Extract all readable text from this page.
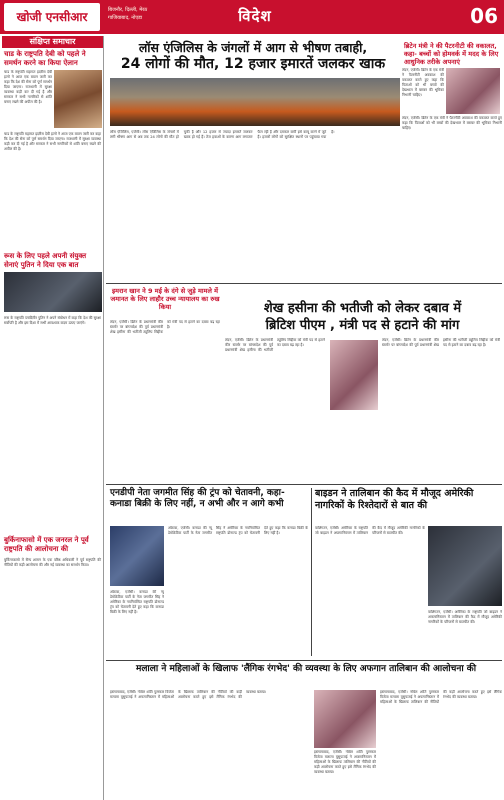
खोजी एनसीआर	बिजनौर, दिल्ली, मेरठ
गाजियाबाद, नोएडा	विदेश	06
संक्षिप्त समाचार
चाड के राष्ट्रपति देबी को पहले ने समर्थन करने का किया ऐलान
चाड के राष्ट्रपति महामत इदरीस देबी इत्नो ने आज एक बयान जारी कर कहा कि देश की सेना को पूर्ण समर्थन दिया जाएगा। राजधानी में सुरक्षा व्यवस्था कड़ी कर दी गई है और सरकार ने सभी नागरिकों से शांति बनाए रखने की अपील की है।
चाड के राष्ट्रपति महामत इदरीस देबी इत्नो ने आज एक बयान जारी कर कहा कि देश की सेना को पूर्ण समर्थन दिया जाएगा। राजधानी में सुरक्षा व्यवस्था कड़ी कर दी गई है और सरकार ने सभी नागरिकों से शांति बनाए रखने की अपील की है।
रूस के लिए पहले अपनी संयुक्त सेनाएं पुतिन ने दिया एक बात
रूस के राष्ट्रपति व्लादिमीर पुतिन ने अपने संबोधन में कहा कि देश की सुरक्षा सर्वोपरि है और इस दिशा में सभी आवश्यक कदम उठाए जाएंगे।
बुर्किनाफासो में एक जनरल ने पूर्व राष्ट्रपति की आलोचना की
बुर्किनाफासो में सैन्य शासन के एक वरिष्ठ अधिकारी ने पूर्व राष्ट्रपति की नीतियों की कड़ी आलोचना की और नई व्यवस्था का समर्थन किया।
लॉस एंजिलिस के जंगलों में आग से भीषण तबाही,
24 लोगों की मौत, 12 हजार इमारतें जलकर खाक
लॉस एंजिलिस, एजेंसी। लॉस एंजिलिस के जंगलों में लगी भीषण आग से अब तक 24 लोगों की मौत हो चुकी है और 12 हजार से ज्यादा इमारतें जलकर खाक हो गई हैं। तेज हवाओं के कारण आग लगातार फैल रही है और दमकल कर्मी इसे काबू करने में जुटे हैं। हजारों लोगों को सुरक्षित स्थानों पर पहुंचाया गया है।
ब्रिटेन मंत्री ने की पैटरनीटी की वकालत, कहा- बच्चों को होमवर्क में मदद के लिए आधुनिक तरीके अपनाएं
लंदन, एजेंसी। ब्रिटेन के एक मंत्री ने पैटरनीटी अवकाश की वकालत करते हुए कहा कि पिताओं को भी बच्चों की देखभाल में बराबर की भूमिका निभानी चाहिए।
लंदन, एजेंसी। ब्रिटेन के एक मंत्री ने पैटरनीटी अवकाश की वकालत करते हुए कहा कि पिताओं को भी बच्चों की देखभाल में बराबर की भूमिका निभानी चाहिए।
इमरान खान ने 9 मई के दंगे से जुड़े मामले में जमानत के लिए लाहौर उच्च न्यायालय का रुख किया	शेख हसीना की भतीजी को लेकर दबाव में
ब्रिटिश पीएम , मंत्री पद से हटाने की मांग
लंदन, एजेंसी। ब्रिटेन के प्रधानमंत्री कीर स्टार्मर पर बांग्लादेश की पूर्व प्रधानमंत्री शेख हसीना की भतीजी ट्यूलिप सिद्दीक को मंत्री पद से हटाने का दबाव बढ़ रहा है।
लंदन, एजेंसी। ब्रिटेन के प्रधानमंत्री कीर स्टार्मर पर बांग्लादेश की पूर्व प्रधानमंत्री शेख हसीना की भतीजी ट्यूलिप सिद्दीक को मंत्री पद से हटाने का दबाव बढ़ रहा है।
लंदन, एजेंसी। ब्रिटेन के प्रधानमंत्री कीर स्टार्मर पर बांग्लादेश की पूर्व प्रधानमंत्री शेख हसीना की भतीजी ट्यूलिप सिद्दीक को मंत्री पद से हटाने का दबाव बढ़ रहा है।
एनडीपी नेता जगमीत सिंह की ट्रंप को चेतावनी, कहा- कनाडा बिक्री के लिए नहीं, न अभी और न आगे कभी
ओटावा, एजेंसी। कनाडा की न्यू डेमोक्रेटिक पार्टी के नेता जगमीत सिंह ने अमेरिका के नवनिर्वाचित राष्ट्रपति डोनाल्ड ट्रंप को चेतावनी देते हुए कहा कि कनाडा बिक्री के लिए नहीं है।
ओटावा, एजेंसी। कनाडा की न्यू डेमोक्रेटिक पार्टी के नेता जगमीत सिंह ने अमेरिका के नवनिर्वाचित राष्ट्रपति डोनाल्ड ट्रंप को चेतावनी देते हुए कहा कि कनाडा बिक्री के लिए नहीं है।
बाइडन ने तालिबान की कैद में मौजूद अमेरिकी नागरिकों के रिश्तेदारों से बात की
वाशिंगटन, एजेंसी। अमेरिका के राष्ट्रपति जो बाइडन ने अफगानिस्तान में तालिबान की कैद में मौजूद अमेरिकी नागरिकों के परिजनों से बातचीत की।
वाशिंगटन, एजेंसी। अमेरिका के राष्ट्रपति जो बाइडन ने अफगानिस्तान में तालिबान की कैद में मौजूद अमेरिकी नागरिकों के परिजनों से बातचीत की।
मलाला ने महिलाओं के खिलाफ 'लैंगिक रंगभेद' की व्यवस्था के लिए अफगान तालिबान की आलोचना की
इस्लामाबाद, एजेंसी। नोबेल शांति पुरस्कार विजेता मलाला यूसुफजई ने अफगानिस्तान में महिलाओं के खिलाफ तालिबान की नीतियों की कड़ी आलोचना करते हुए इसे लैंगिक रंगभेद की व्यवस्था बताया।
इस्लामाबाद, एजेंसी। नोबेल शांति पुरस्कार विजेता मलाला यूसुफजई ने अफगानिस्तान में महिलाओं के खिलाफ तालिबान की नीतियों की कड़ी आलोचना करते हुए इसे लैंगिक रंगभेद की व्यवस्था बताया।
इस्लामाबाद, एजेंसी। नोबेल शांति पुरस्कार विजेता मलाला यूसुफजई ने अफगानिस्तान में महिलाओं के खिलाफ तालिबान की नीतियों की कड़ी आलोचना करते हुए इसे लैंगिक रंगभेद की व्यवस्था बताया।
